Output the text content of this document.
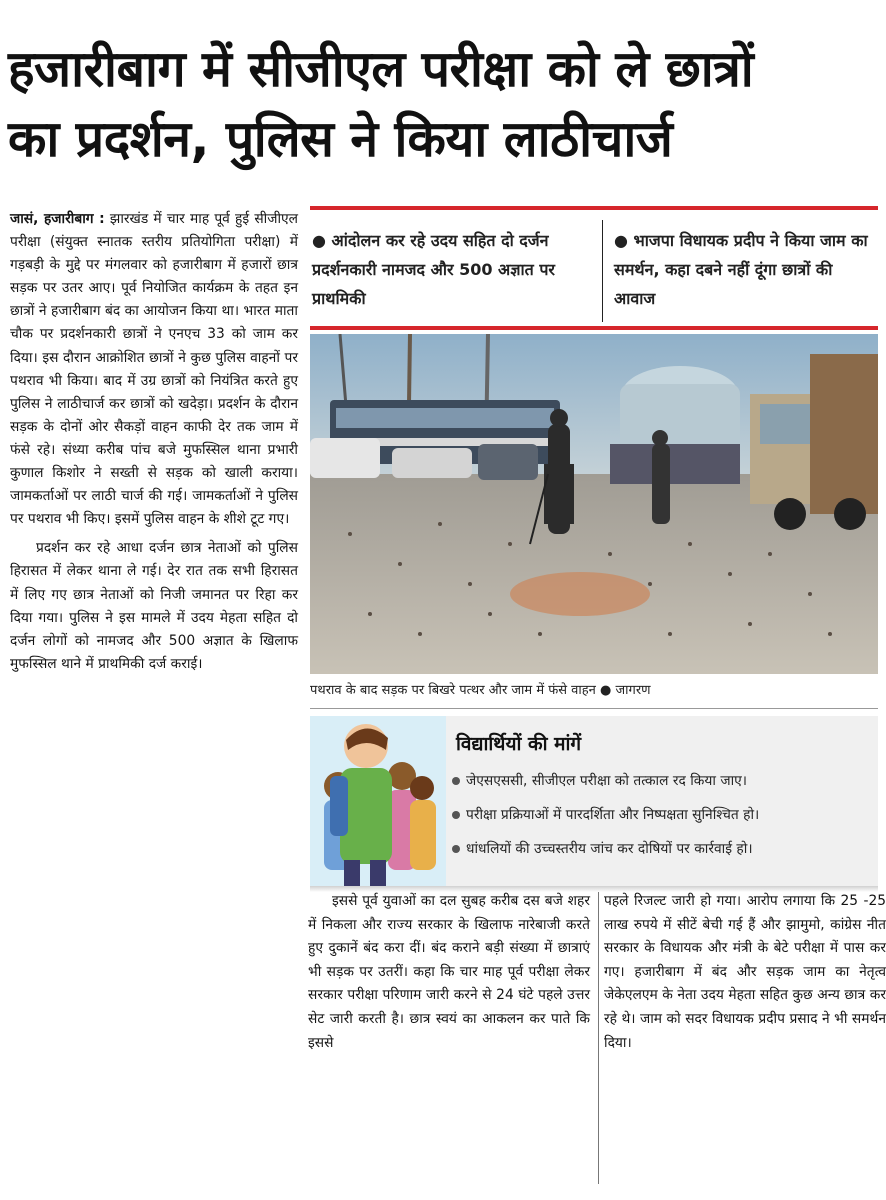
हजारीबाग में सीजीएल परीक्षा को ले छात्रों
का प्रदर्शन, पुलिस ने किया लाठीचार्ज

जासं, हजारीबाग : झारखंड में चार माह पूर्व हुई सीजीएल परीक्षा (संयुक्त स्नातक स्तरीय प्रतियोगिता परीक्षा) में गड़बड़ी के मुद्दे पर मंगलवार को हजारीबाग में हजारों छात्र सड़क पर उतर आए। पूर्व नियोजित कार्यक्रम के तहत इन छात्रों ने हजारीबाग बंद का आयोजन किया था। भारत माता चौक पर प्रदर्शनकारी छात्रों ने एनएच 33 को जाम कर दिया। इस दौरान आक्रोशित छात्रों ने कुछ पुलिस वाहनों पर पथराव भी किया। बाद में उग्र छात्रों को नियंत्रित करते हुए पुलिस ने लाठीचार्ज कर छात्रों को खदेड़ा। प्रदर्शन के दौरान सड़क के दोनों ओर सैकड़ों वाहन काफी देर तक जाम में फंसे रहे। संध्या करीब पांच बजे मुफस्सिल थाना प्रभारी कुणाल किशोर ने सख्ती से सड़क को खाली कराया। जामकर्ताओं पर लाठी चार्ज की गई। जामकर्ताओं ने पुलिस पर पथराव भी किए। इसमें पुलिस वाहन के शीशे टूट गए।

प्रदर्शन कर रहे आधा दर्जन छात्र नेताओं को पुलिस हिरासत में लेकर थाना ले गई। देर रात तक सभी हिरासत में लिए गए छात्र नेताओं को निजी जमानत पर रिहा कर दिया गया। पुलिस ने इस मामले में उदय मेहता सहित दो दर्जन लोगों को नामजद और 500 अज्ञात के खिलाफ मुफस्सिल थाने में प्राथमिकी दर्ज कराई।

● आंदोलन कर रहे उदय सहित दो दर्जन प्रदर्शनकारी नामजद और 500 अज्ञात पर प्राथमिकी
● भाजपा विधायक प्रदीप ने किया जाम का समर्थन, कहा दबने नहीं दूंगा छात्रों की आवाज
पथराव के बाद सड़क पर बिखरे पत्थर और जाम में फंसे वाहन ● जागरण
विद्यार्थियों की मांगें
जेएसएससी, सीजीएल परीक्षा को तत्काल रद किया जाए।
परीक्षा प्रक्रियाओं में पारदर्शिता और निष्पक्षता सुनिश्चित हो।
धांधलियों की उच्चस्तरीय जांच कर दोषियों पर कार्रवाई हो।
इससे पूर्व युवाओं का दल सुबह करीब दस बजे शहर में निकला और राज्य सरकार के खिलाफ नारेबाजी करते हुए दुकानें बंद करा दीं। बंद कराने बड़ी संख्या में छात्राएं भी सड़क पर उतरीं। कहा कि चार माह पूर्व परीक्षा लेकर सरकार परीक्षा परिणाम जारी करने से 24 घंटे पहले उत्तर सेट जारी करती है। छात्र स्वयं का आकलन कर पाते कि इससे
पहले रिजल्ट जारी हो गया। आरोप लगाया कि 25 -25 लाख रुपये में सीटें बेची गई हैं और झामुमो, कांग्रेस नीत सरकार के विधायक और मंत्री के बेटे परीक्षा में पास कर गए। हजारीबाग में बंद और सड़क जाम का नेतृत्व जेकेएलएम के नेता उदय मेहता सहित कुछ अन्य छात्र कर रहे थे। जाम को सदर विधायक प्रदीप प्रसाद ने भी समर्थन दिया।
